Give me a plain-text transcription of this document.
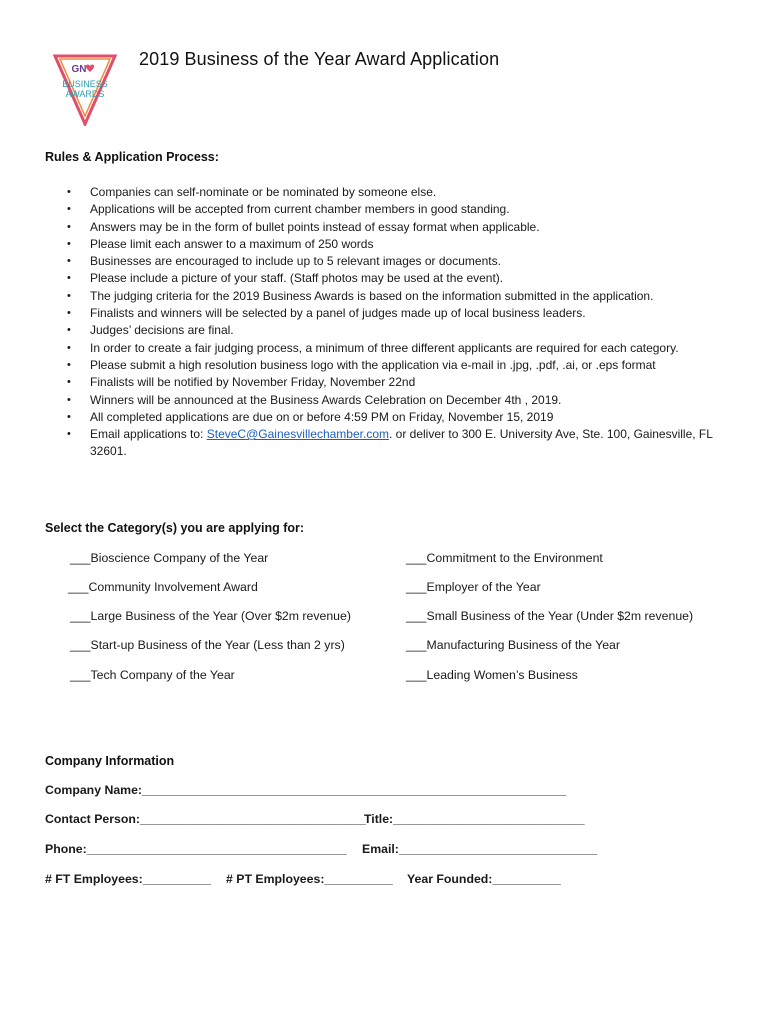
GN
BUSINESS
AWARDS
2019 Business of the Year Award Application
Rules & Application Process:
• Companies can self-nominate or be nominated by someone else.
• Applications will be accepted from current chamber members in good standing.
• Answers may be in the form of bullet points instead of essay format when applicable.
• Please limit each answer to a maximum of 250 words
• Businesses are encouraged to include up to 5 relevant images or documents.
• Please include a picture of your staff. (Staff photos may be used at the event).
• The judging criteria for the 2019 Business Awards is based on the information submitted in the application.
• Finalists and winners will be selected by a panel of judges made up of local business leaders.
• Judges’ decisions are final.
• In order to create a fair judging process, a minimum of three different applicants are required for each category.
• Please submit a high resolution business logo with the application via e-mail in .jpg, .pdf, .ai, or .eps format
• Finalists will be notified by November Friday, November 22nd
• Winners will be announced at the Business Awards Celebration on December 4th , 2019.
• All completed applications are due on or before 4:59 PM on Friday, November 15, 2019
• Email applications to: SteveC@Gainesvillechamber.com. or deliver to 300 E. University Ave, Ste. 100, Gainesville, FL 32601.
Select the Category(s) you are applying for:
___Bioscience Company of the Year
___Community Involvement Award
___Large Business of the Year (Over $2m revenue)
___Start-up Business of the Year (Less than 2 yrs)
___Tech Company of the Year
___Commitment to the Environment
___Employer of the Year
___Small Business of the Year (Under $2m revenue)
___Manufacturing Business of the Year
___Leading Women’s Business
Company Information
Company Name:______________________________________________________________
Contact Person:_________________________________
Title:____________________________
Phone:______________________________________ Email:_____________________________
# FT Employees:__________ # PT Employees:__________ Year Founded:__________
